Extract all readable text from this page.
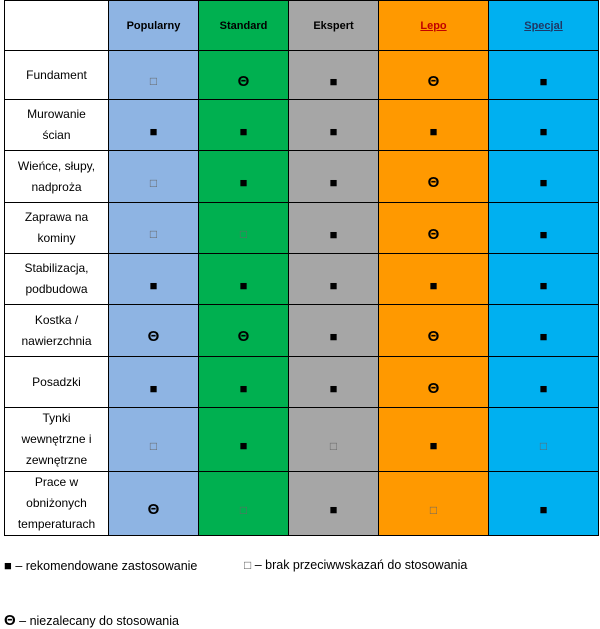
	Popularny	Standard	Ekspert	Lepo	Specjal

Fundament	□	Θ	■	Θ	■

Murowanie
ścian	■	■	■	■	■

Wieńce, słupy,
nadproża	□	■	■	Θ	■

Zaprawa na
kominy	□	□	■	Θ	■

Stabilizacja,
podbudowa	■	■	■	■	■

Kostka /
nawierzchnia	Θ	Θ	■	Θ	■

Posadzki	■	■	■	Θ	■

Tynki
wewnętrzne i
zewnętrzne	□	■	□	■	□

Prace w
obniżonych
temperaturach	Θ	□	■	□	■
■ – rekomendowane zastosowanie	□ – brak przeciwwskazań do stosowania
Θ – niezalecany do stosowania
